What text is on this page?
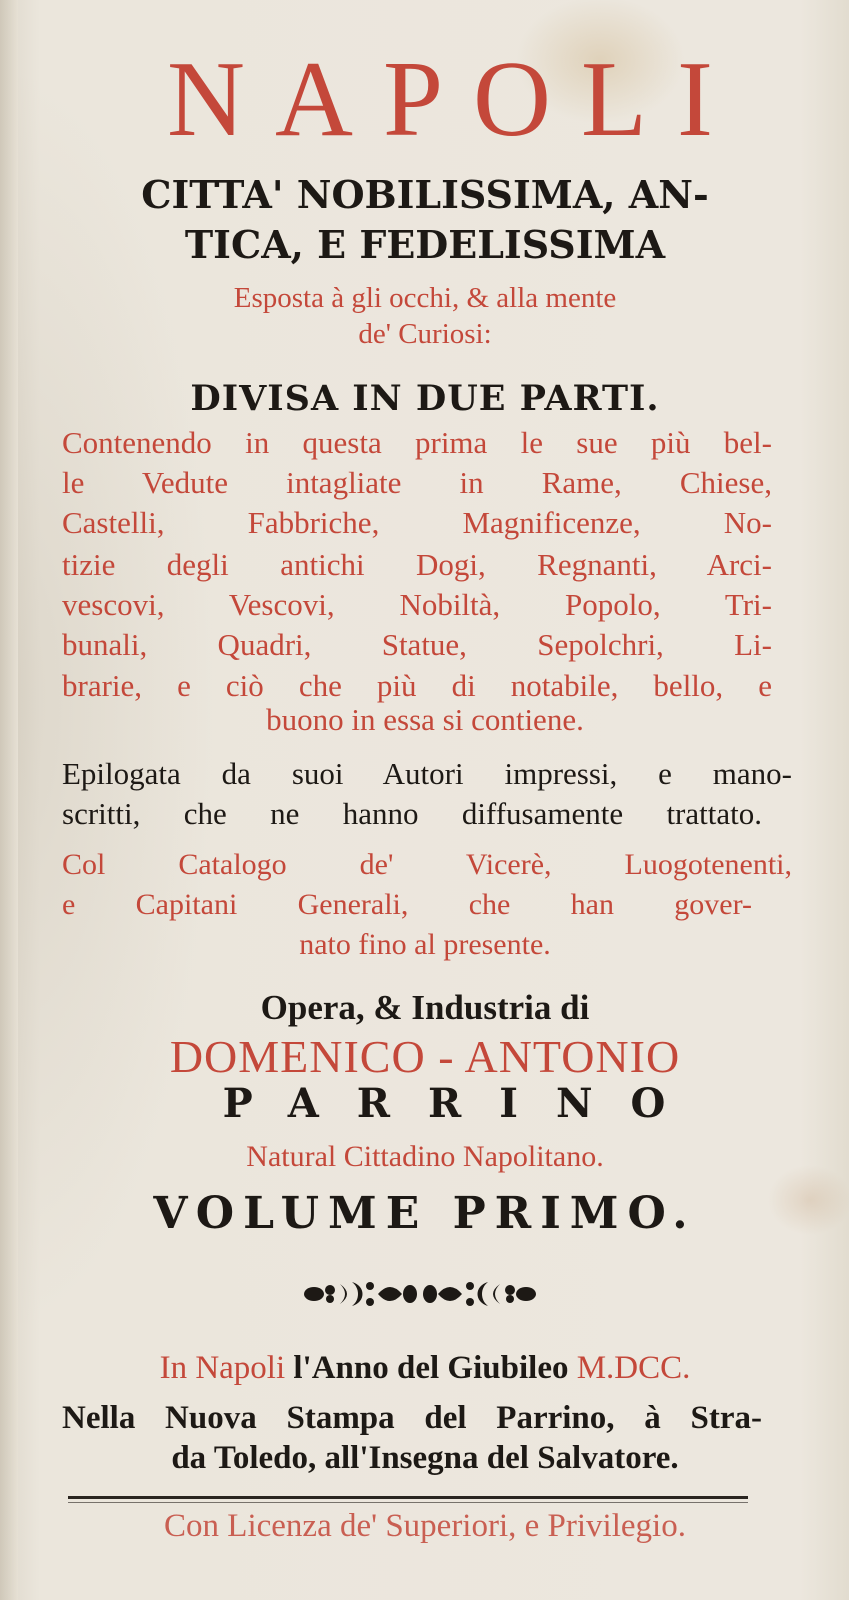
NAPOLI

CITTA' NOBILISSIMA, AN-

TICA, E FEDELISSIMA

Esposta à gli occhi, & alla mente

de' Curiosi:

DIVISA IN DUE PARTI.

Contenendo in questa prima le sue più bel-

le Vedute intagliate in Rame, Chiese,

Castelli, Fabbriche, Magnificenze, No-

tizie degli antichi Dogi, Regnanti, Arci-

vescovi, Vescovi, Nobiltà, Popolo, Tri-

bunali, Quadri, Statue, Sepolchri, Li-

brarie, e ciò che più di notabile, bello, e

buono in essa si contiene.

Epilogata da suoi Autori impressi, e mano-

scritti, che ne hanno diffusamente trattato.

Col Catalogo de' Vicerè, Luogotenenti,

e Capitani Generali, che han gover-

nato fino al presente.

Opera, & Industria di

DOMENICO - ANTONIO

PARRINO

Natural Cittadino Napolitano.

VOLUME PRIMO.

In Napoli l'Anno del Giubileo M.DCC.

Nella Nuova Stampa del Parrino, à Stra-

da Toledo, all'Insegna del Salvatore.

Con Licenza de' Superiori, e Privilegio.
